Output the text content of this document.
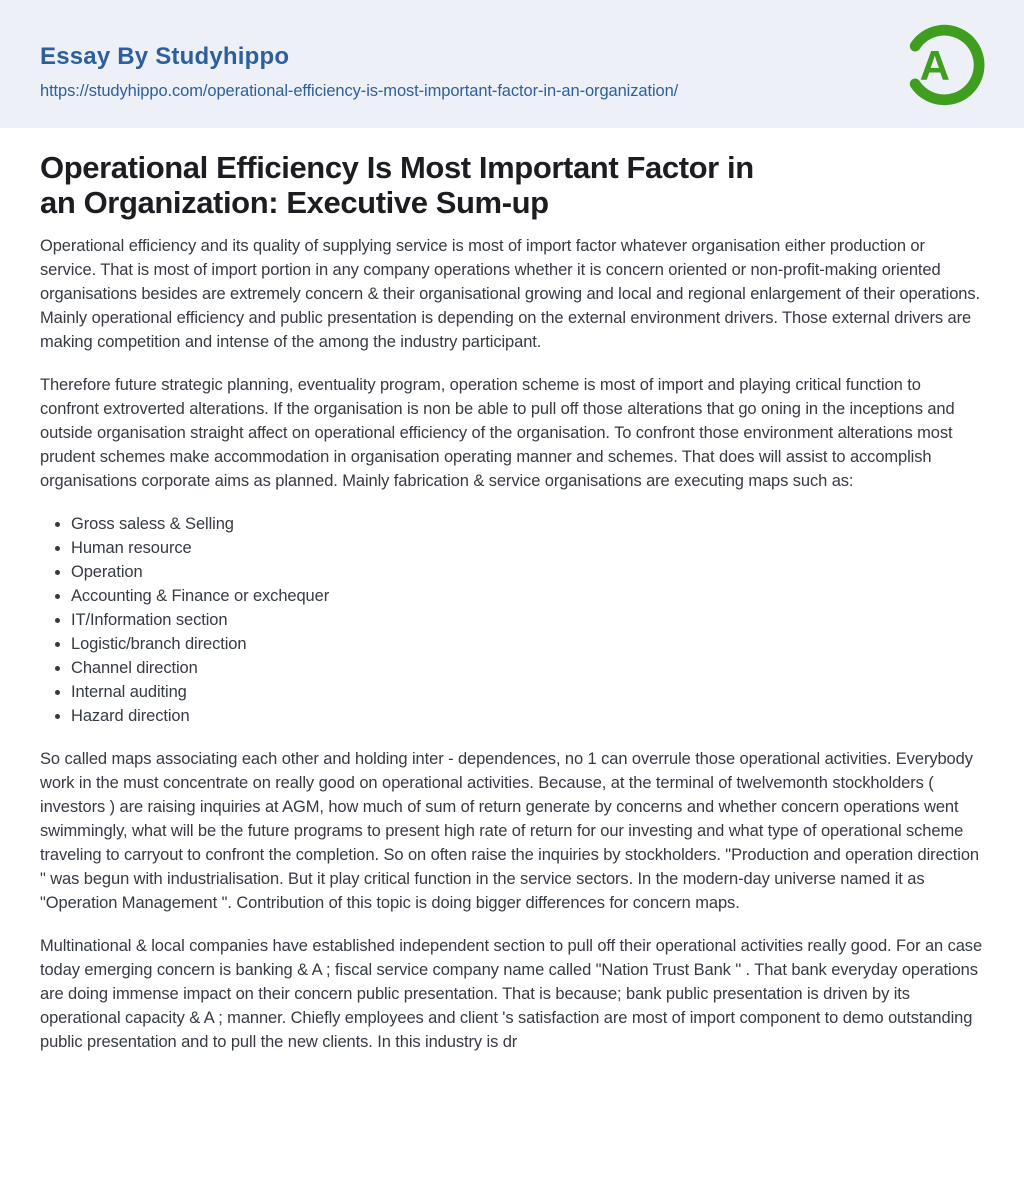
Essay By Studyhippo
https://studyhippo.com/operational-efficiency-is-most-important-factor-in-an-organization/
A
Operational Efficiency Is Most Important Factor in
an Organization: Executive Sum-up

Operational efficiency and its quality of supplying service is most of import factor whatever organisation either production or service. That is most of import portion in any company operations whether it is concern oriented or non-profit-making oriented organisations besides are extremely concern & their organisational growing and local and regional enlargement of their operations. Mainly operational efficiency and public presentation is depending on the external environment drivers. Those external drivers are making competition and intense of the among the industry participant.

Therefore future strategic planning, eventuality program, operation scheme is most of import and playing critical function to confront extroverted alterations. If the organisation is non be able to pull off those alterations that go oning in the inceptions and outside organisation straight affect on operational efficiency of the organisation. To confront those environment alterations most prudent schemes make accommodation in organisation operating manner and schemes. That does will assist to accomplish organisations corporate aims as planned. Mainly fabrication & service organisations are executing maps such as:

• Gross saless & Selling
• Human resource
• Operation
• Accounting & Finance or exchequer
• IT/Information section
• Logistic/branch direction
• Channel direction
• Internal auditing
• Hazard direction

So called maps associating each other and holding inter - dependences, no 1 can overrule those operational activities. Everybody work in the must concentrate on really good on operational activities. Because, at the terminal of twelvemonth stockholders ( investors ) are raising inquiries at AGM, how much of sum of return generate by concerns and whether concern operations went swimmingly, what will be the future programs to present high rate of return for our investing and what type of operational scheme traveling to carryout to confront the completion. So on often raise the inquiries by stockholders. "Production and operation direction " was begun with industrialisation. But it play critical function in the service sectors. In the modern-day universe named it as "Operation Management ". Contribution of this topic is doing bigger differences for concern maps.

Multinational & local companies have established independent section to pull off their operational activities really good. For an case today emerging concern is banking & A ; fiscal service company name called "Nation Trust Bank " . That bank everyday operations are doing immense impact on their concern public presentation. That is because; bank public presentation is driven by its operational capacity & A ; manner. Chiefly employees and client 's satisfaction are most of import component to demo outstanding public presentation and to pull the new clients. In this industry is dr
